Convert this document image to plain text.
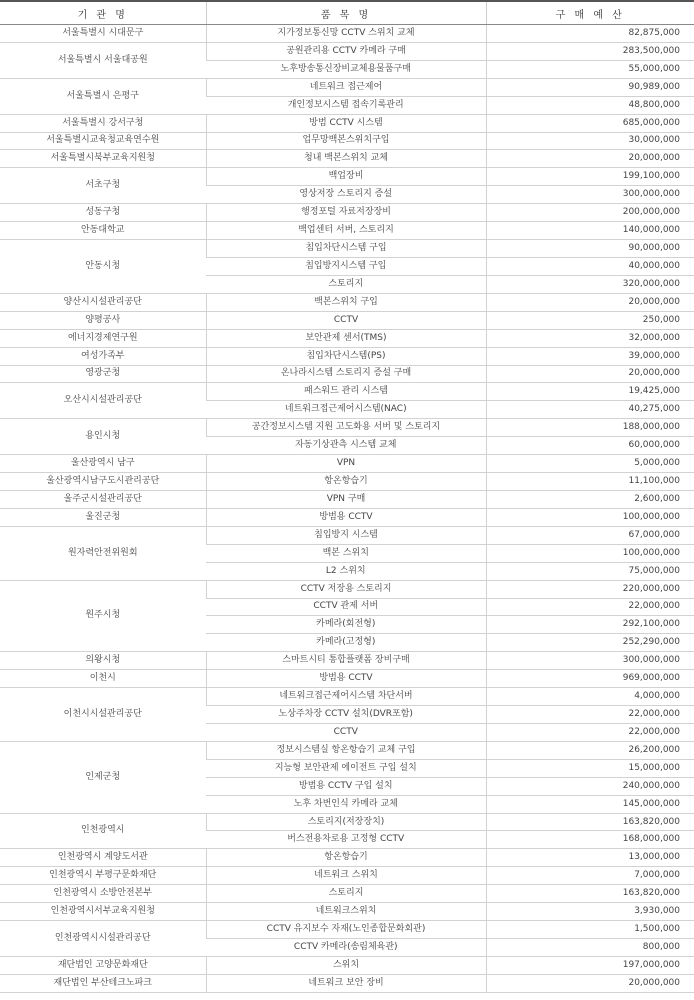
기 관 명	품 목 명	구 매 예 산
서울특별시 시대문구	지가정보통신망 CCTV 스위치 교체	82,875,000
서울특별시 서울대공원	공원관리용 CCTV 카메라 구매	283,500,000
	노후방송통신장비교체용물품구매	55,000,000
서울특별시 은평구	네트워크 접근제어	90,989,000
	개인정보시스템 접속기록관리	48,800,000
서울특별시 강서구청	방범 CCTV 시스템	685,000,000
서울특별시교육청교육연수원	업무망백본스위치구입	30,000,000
서울특별시북부교육지원청	청내 백본스위치 교체	20,000,000
서초구청	백업장비	199,100,000
	영상저장 스토리지 증설	300,000,000
성동구청	행정포털 자료저장장비	200,000,000
안동대학교	백업센터 서버, 스토리지	140,000,000
안동시청	침입차단시스템 구입	90,000,000
	침입방지시스템 구입	40,000,000
	스토리지	320,000,000
양산시시설관리공단	백본스위치 구입	20,000,000
양평공사	CCTV	250,000
에너지경제연구원	보안관제 센서(TMS)	32,000,000
여성가족부	침입차단시스템(PS)	39,000,000
영광군청	온나라시스템 스토리지 증설 구매	20,000,000
오산시시설관리공단	패스워드 관리 시스템	19,425,000
	네트워크접근제어시스템(NAC)	40,275,000
용인시청	공간정보시스템 지원 고도화용 서버 및 스토리지	188,000,000
	자동기상관측 시스템 교체	60,000,000
울산광역시 남구	VPN	5,000,000
울산광역시남구도시관리공단	항온항습기	11,100,000
울주군시설관리공단	VPN 구매	2,600,000
울진군청	방범용 CCTV	100,000,000
원자력안전위원회	침입방지 시스템	67,000,000
	백본 스위치	100,000,000
	L2 스위치	75,000,000
원주시청	CCTV 저장용 스토리지	220,000,000
	CCTV 관제 서버	22,000,000
	카메라(회전형)	292,100,000
	카메라(고정형)	252,290,000
의왕시청	스마트시티 통합플랫폼 장비구매	300,000,000
이천시	방범용 CCTV	969,000,000
이천시시설관리공단	네트워크접근제어시스템 차단서버	4,000,000
	노상주차장 CCTV 설치(DVR포함)	22,000,000
	CCTV	22,000,000
인제군청	정보시스템실 항온항습기 교체 구입	26,200,000
	지능형 보안관제 에이전트 구입 설치	15,000,000
	방범용 CCTV 구입 설치	240,000,000
	노후 차번인식 카메라 교체	145,000,000
인천광역시	스토리지(저장장치)	163,820,000
	버스전용차로용 고정형 CCTV	168,000,000
인천광역시 계양도서관	항온항습기	13,000,000
인천광역시 부평구문화재단	네트워크 스위치	7,000,000
인천광역시 소방안전본부	스토리지	163,820,000
인천광역시서부교육지원청	네트워크스위치	3,930,000
인천광역시시설관리공단	CCTV 유지보수 자재(노인종합문화회관)	1,500,000
	CCTV 카메라(송림체육관)	800,000
재단법인 고양문화재단	스위치	197,000,000
재단법인 부산테크노파크	네트워크 보안 장비	20,000,000
